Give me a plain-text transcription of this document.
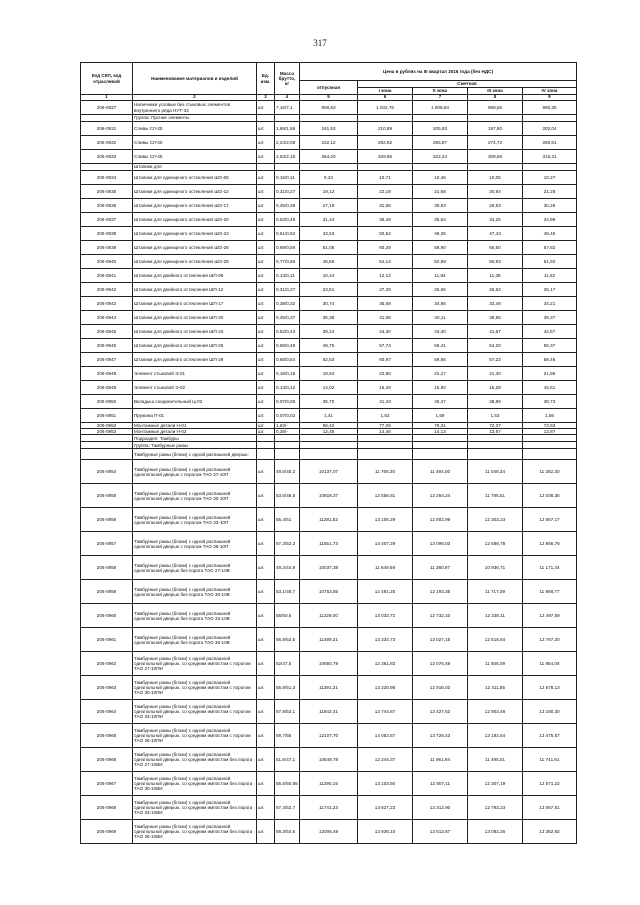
317
Код СКП, код отраслевой	Наименование материалов и изделий	Ед. изм.	Масса брутто, кг	Цена в рублях на III квартал 2016 года (без НДС)				
				отпускная	Сметная			
					I зона	II зона	III зона	IV зона
1	2	3	4	5	6	7	8	9
206-0927	Наличники угловые без стыковых элементов внутреннего ряда НУТ-33	шт.	7,16/7,1	909,83	1 032,76	1 008,94	969,55	990,35
	Группа: Прочие элементы							
206-0931	Сливы СЛ-30	шт.	1,68/1,56	161,53	210,69	205,83	197,80	202,04
206-0932	Сливы СЛ-40	шт.	2,24/2,08	232,12	282,92	255,87	274,72	280,61
206-0933	Сливы СЛ-45	шт.	2,53/2,15	264,20	329,85	322,24	309,66	316,31
	Штапики для							
206-0934	Штапики для одинарного остекления ШО-06	шт.	0,15/0,11	9,23	10,71	10,46	10,05	10,27
206-0935	Штапики для одинарного остекления ШО-12	шт.	0,31/0,27	19,12	22,19	21,68	20,84	21,28
206-0936	Штапики для одинарного остекления ШО-17	шт.	0,45/0,39	27,19	31,56	30,83	29,63	30,26
206-0937	Штапики для одинарного остекления ШО-20	шт.	0,53/0,45	31,44	36,49	35,64	34,25	34,99
206-0938	Штапики для одинарного остекления ШО-23	шт.	0,61/0,52	43,53	50,52	49,36	47,43	48,45
206-0939	Штапики для одинарного остекления ШО-26	шт.	0,69/0,59	51,05	60,29	58,90	56,60	57,82
206-0940	Штапики для одинарного остекления ШО-29	шт.	0,77/0,66	46,65	54,14	52,89	50,83	51,92
206-0941	Штапики для двойного остекления ШП-06	шт.	0,13/0,11	10,44	12,12	11,84	11,38	11,62
206-0942	Штапики для двойного остекления ШП-12	шт.	0,31/0,27	23,51	27,29	26,66	25,62	26,17
206-0943	Штапики для двойного остекления ШП-17	шт.	0,38/0,32	30,74	35,68	34,86	33,49	34,21
206-0944	Штапики для двойного остекления ШП-20	шт.	0,45/0,37	35,38	41,06	40,11	38,55	39,37
206-0945	Штапики для двойного остекления ШП-23	шт.	0,52/0,43	39,24	44,30	43,30	41,67	42,57
206-0946	Штапики для двойного остекления ШП-26	шт.	0,59/0,49	49,75	57,74	56,41	54,20	55,37
206-0947	Штапики для двойного остекления ШП-29	шт.	0,66/0,54	52,53	60,97	59,56	57,23	58,46
206-0948	Элемент стыковой Э-01	шт.	0,18/0,16	19,64	22,80	22,27	21,40	21,86
206-0949	Элемент стыковой Э-02	шт.	0,13/0,12	14,02	16,28	15,90	15,28	15,61
206-0950	Вкладыш соединительный Ц-02	шт.	0,07/0,06	35,70	41,43	40,47	38,89	39,73
206-0951	Пружина П-01	шт.	0,07/0,02	1,41	1,63	1,59	1,53	1,56
206-0952	Монтажные детали Н-01	шт.	1,63/-	66,42	77,09	75,31	72,37	73,93
206-0953	Монтажные детали Н-02	шт.	0,38/-	12,46	14,46	14,13	13,57	13,87
	Подраздел: Тамбуры							
	Группа: Тамбурные рамы							
	Тамбурные рамы (блоки) с одной распашной дверью:							
206-0954	Тамбурные рамы (блоки) с одной распашной однопольной дверью с порогом ТАО 27-10П	шт.	49,6/45,3	10137,07	11 765,30	11 494,00	11 045,34	11 282,30
206-0955	Тамбурные рамы (блоки) с одной распашной однопольной дверью с порогом ТАО 30-10П	шт.	53,5/48,5	10818,37	12 556,81	12 264,24	11 785,51	12 038,35
206-0956	Тамбурные рамы (блоки) с одной распашной однопольной дверью с порогом ТАО 33-10П	шт.	55,4/51	11281,52	13 105,29	12 802,99	12 303,23	12 567,17
206-0957	Тамбурные рамы (блоки) с одной распашной однопольной дверью с порогом ТАО 36-10П	шт.	57,3/52,3	11551,73	13 407,29	13 098,03	12 586,78	12 856,78
206-0958	Тамбурные рамы (блоки) с одной распашной однопольной дверью без порога ТАО 27-10В	шт.	49,2/44,9	10037,38	11 649,69	11 380,97	10 936,71	11 171,34
206-0959	Тамбурные рамы (блоки) с одной распашной однопольной дверью без порога ТАО 30-10В	шт.	53,1/49,7	10753,85	12 481,25	12 193,35	11 717,39	11 968,77
206-0960	Тамбурные рамы (блоки) с одной распашной однопольной дверью без порога ТАО 33-10В	шт.	55/50,6	11229,00	13 032,72	12 732,10	12 235,11	12 497,59
206-0961	Тамбурные рамы (блоки) с одной распашной однопольной дверью без порога ТАО 36-10В	шт.	56,9/52,5	11489,21	13 334,73	13 027,15	12 518,64	12 787,20
206-0962	Тамбурные рамы (блоки) с одной распашной однопольной дверью, со средним импостом с порогом ТАО 27-10ПИ	шт.	52/47,5	10650,79	12 361,83	12 076,49	11 605,09	11 854,06
206-0963	Тамбурные рамы (блоки) с одной распашной однопольной дверью, со средним импостом с порогом ТАО 30-10ПИ	шт.	55,9/51,3	11391,21	13 220,98	12 916,02	12 411,85	12 678,13
206-0964	Тамбурные рамы (блоки) с одной распашной однопольной дверью, со средним импостом с порогом ТАО 33-10ПИ	шт.	57,8/53,1	11842,41	13 744,67	13 427,62	12 903,48	13 180,30
206-0965	Тамбурные рамы (блоки) с одной распашной однопольной дверью, со средним импостом с порогом ТАО 36-10ПИ	шт.	59,7/55	12107,70	14 052,57	13 728,43	13 192,54	13 475,57
206-0966	Тамбурные рамы (блоки) с одной распашной однопольной дверью, со средним импостом без порога ТАО 27-10ВИ	шт.	51,6/47,1	10549,78	12 244,37	11 961,94	11 495,01	11 741,61
206-0967	Тамбурные рамы (блоки) с одной распашной однопольной дверью, со средним импостом без порога ТАО 30-10ВИ	шт.	55,5/50,85	11290,15	13 103,50	12 807,11	12 307,19	12 571,22
206-0968	Тамбурные рамы (блоки) с одной распашной однопольной дверью, со средним импостом без порога ТАО 33-10ВИ	шт.	57,4/52,7	11741,23	13 627,23	13 312,90	12 793,23	13 067,61
206-0969	Тамбурные рамы (блоки) с одной распашной однопольной дверью, со средним импостом без порога ТАО 36-10ВИ	шт.	59,3/54,6	12006,49	13 935,10	13 613,67	13 082,26	13 362,92
